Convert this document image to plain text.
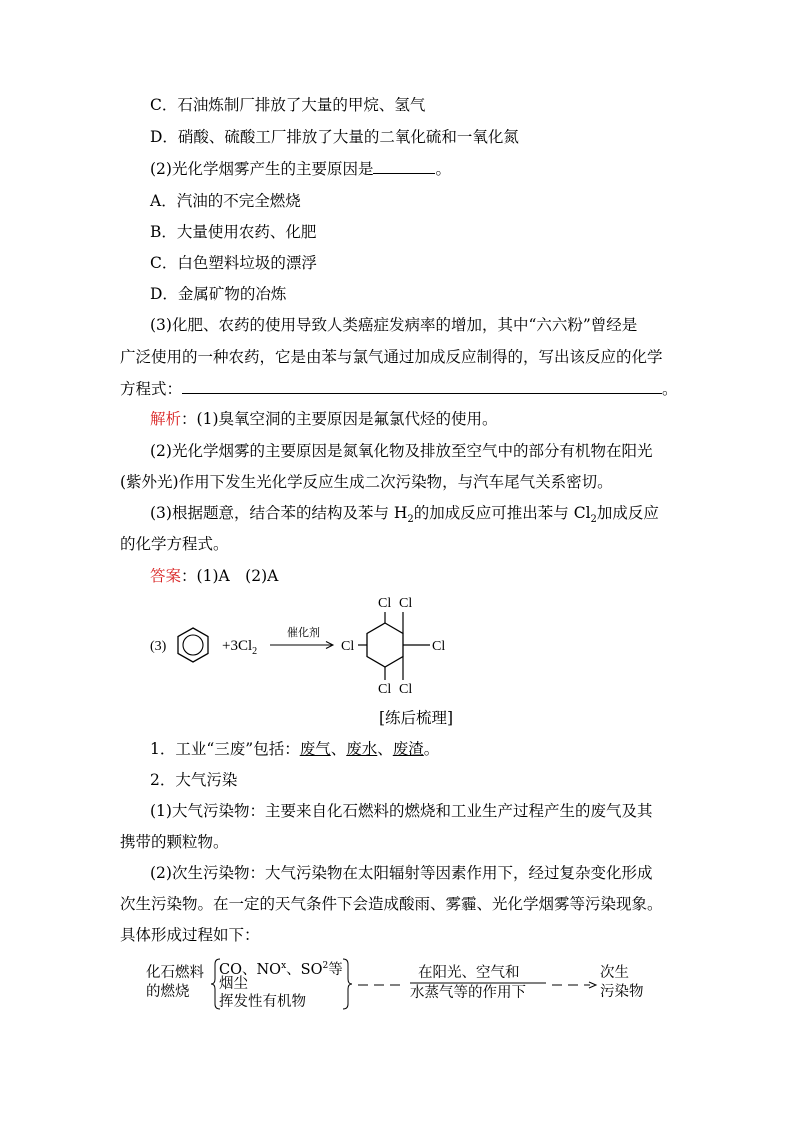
C．石油炼制厂排放了大量的甲烷、氢气
D．硝酸、硫酸工厂排放了大量的二氧化硫和一氧化氮
(2)光化学烟雾产生的主要原因是	。
A．汽油的不完全燃烧
B．大量使用农药、化肥
C．白色塑料垃圾的漂浮
D．金属矿物的冶炼
(3)化肥、农药的使用导致人类癌症发病率的增加，其中“六六粉”曾经是
广泛使用的一种农药，它是由苯与氯气通过加成反应制得的，写出该反应的化学
方程式：	。
解析：(1)臭氧空洞的主要原因是氟氯代烃的使用。
(2)光化学烟雾的主要原因是氮氧化物及排放至空气中的部分有机物在阳光
(紫外光)作用下发生光化学反应生成二次污染物，与汽车尾气关系密切。
(3)根据题意，结合苯的结构及苯与 $H_2$的加成反应可推出苯与 $Cl_2$加成反应
的化学方程式。
答案：(1)A　(2)A
(3)	$+3Cl_2$
催化剂
Cl Cl
Cl
Cl
Cl Cl
[练后梳理]
1．工业“三废”包括：废气、废水、废渣。
2．大气污染
(1)大气污染物：主要来自化石燃料的燃烧和工业生产过程产生的废气及其
携带的颗粒物。
(2)次生污染物：大气污染物在太阳辐射等因素作用下，经过复杂变化形成
次生污染物。在一定的天气条件下会造成酸雨、雾霾、光化学烟雾等污染现象。
具体形成过程如下：
化石燃料
的燃烧
CO、$NO^x$、$SO^2$等
烟尘
挥发性有机物
在阳光、空气和
水蒸气等的作用下
次生
污染物
